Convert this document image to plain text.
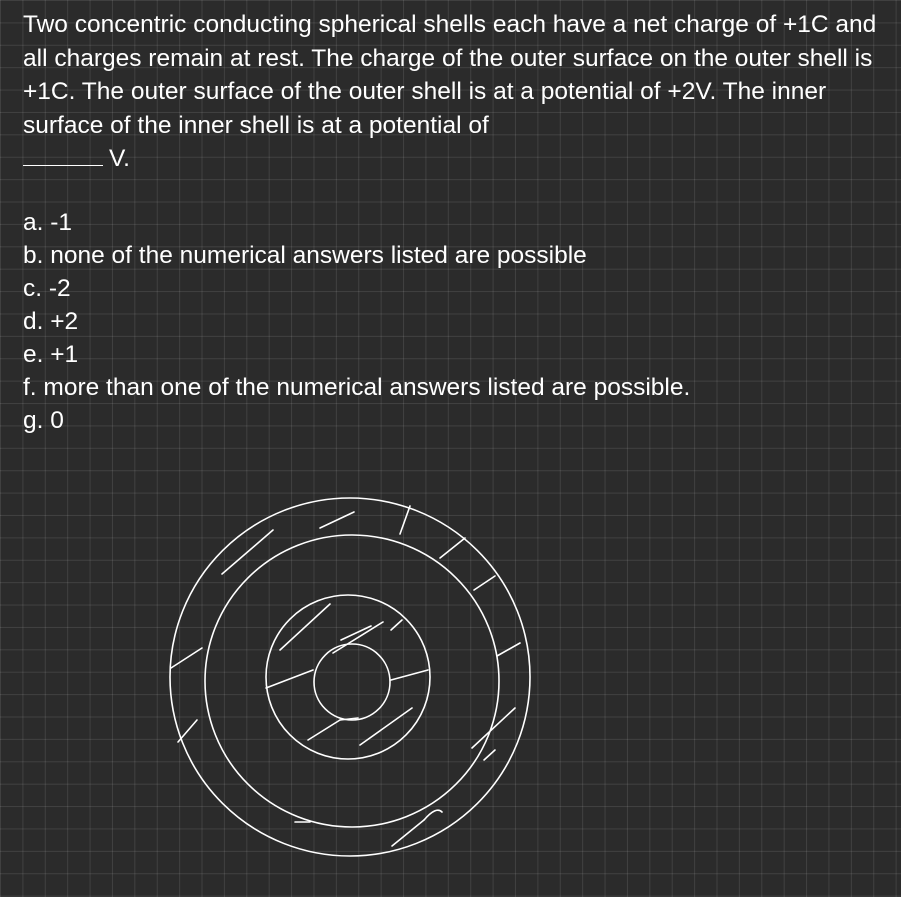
Two concentric conducting spherical shells each have a net charge of +1C and all charges remain at rest. The charge of the outer surface on the outer shell is +1C. The outer surface of the outer shell is at a potential of +2V. The inner surface of the inner shell is at a potential of
V.

a. -1
b. none of the numerical answers listed are possible
c. -2
d. +2
e. +1
f. more than one of the numerical answers listed are possible.
g. 0
